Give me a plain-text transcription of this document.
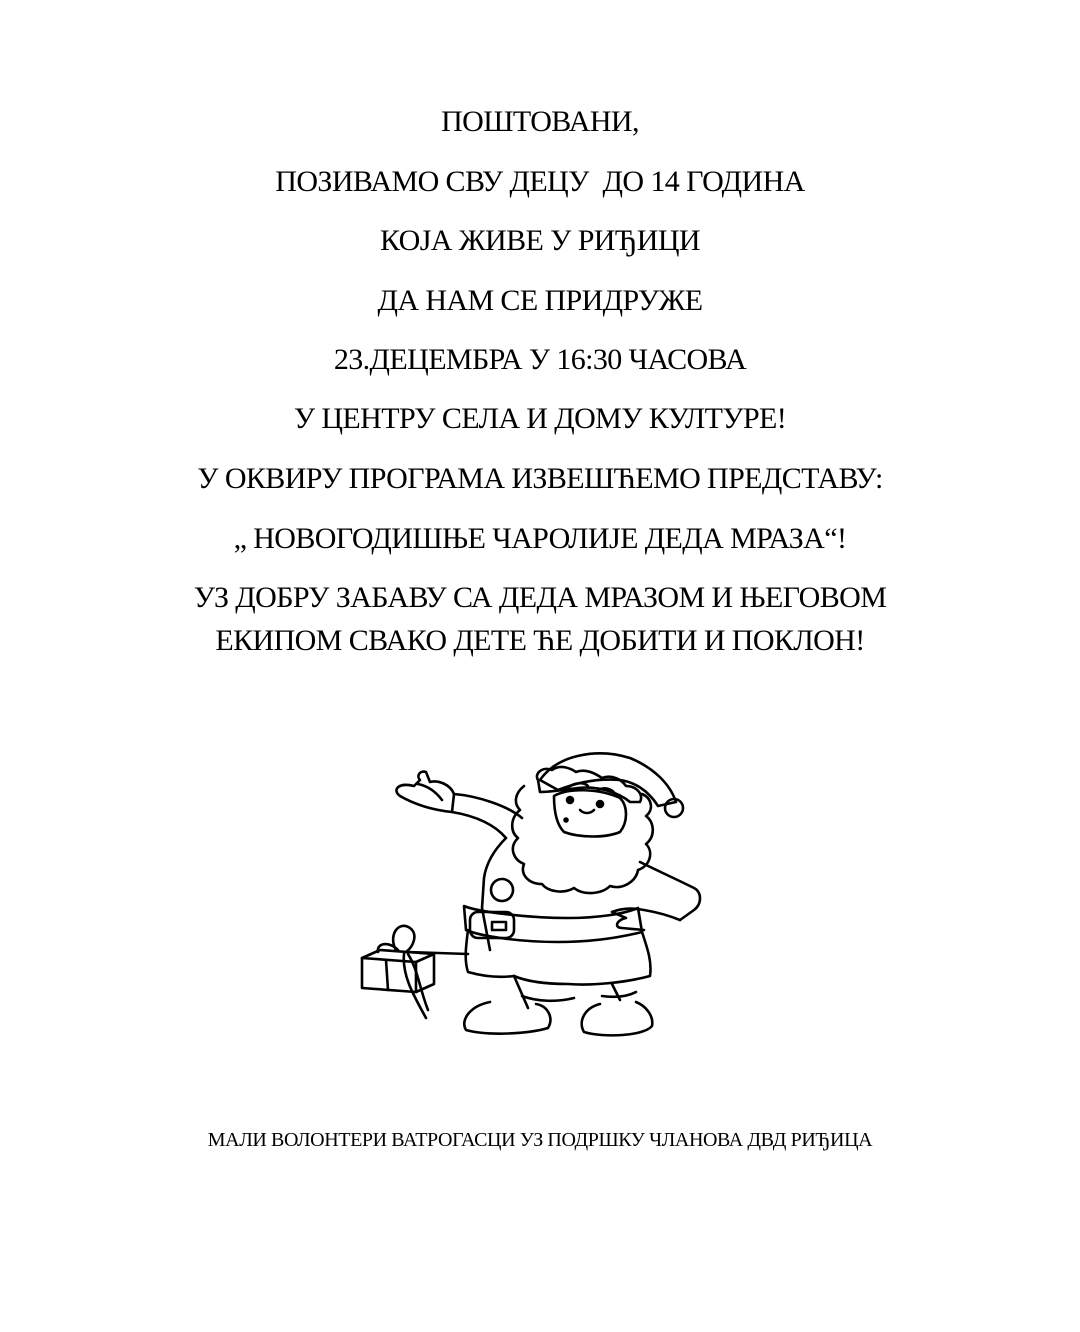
ПОШТОВАНИ,
ПОЗИВАМО СВУ ДЕЦУ  ДО 14 ГОДИНА
КОЈА ЖИВЕ У РИЂИЦИ
ДА НАМ СЕ ПРИДРУЖЕ
23.ДЕЦЕМБРА У 16:30 ЧАСОВА
У ЦЕНТРУ СЕЛА И ДОМУ КУЛТУРЕ!
У ОКВИРУ ПРОГРАМА ИЗВЕШЋЕМО ПРЕДСТАВУ:
„ НОВОГОДИШЊЕ ЧАРОЛИЈЕ ДЕДА МРАЗА“!
УЗ ДОБРУ ЗАБАВУ СА ДЕДА МРАЗОМ И ЊЕГОВОМ
ЕКИПОМ СВАКО ДЕТЕ ЋЕ ДОБИТИ И ПОКЛОН!
МАЛИ ВОЛОНТЕРИ ВАТРОГАСЦИ УЗ ПОДРШКУ ЧЛАНОВА ДВД РИЂИЦА
